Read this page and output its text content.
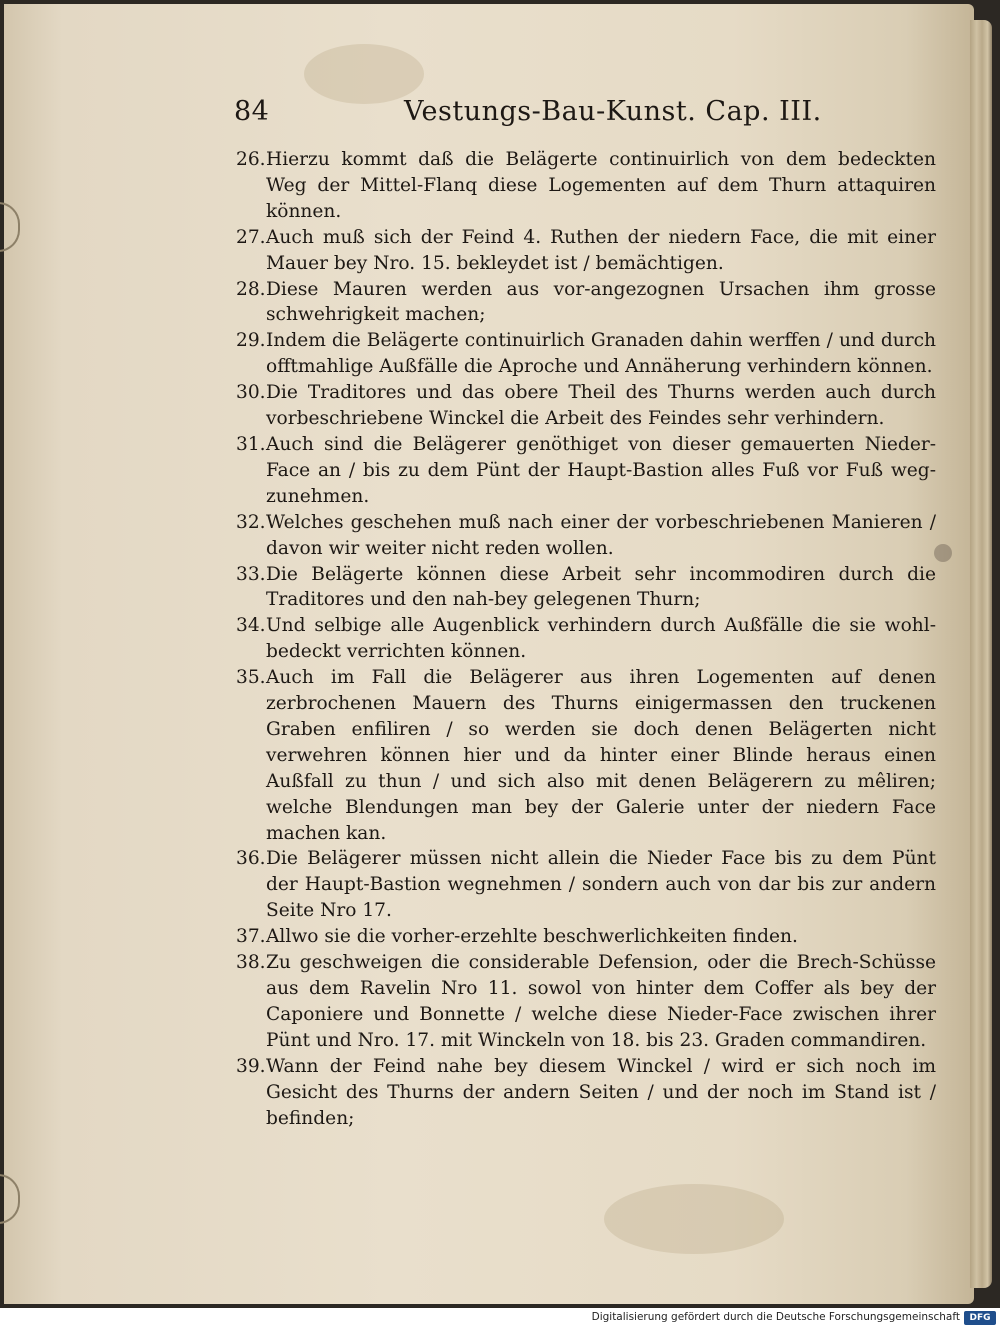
84	Vestungs-Bau-Kunst. Cap. III.
26. Hierzu kommt daß die Belägerte continuirlich von dem bedeckten Weg der Mittel-Flanq diese Logementen auf dem Thurn attaquiren können.
27. Auch muß sich der Feind 4. Ruthen der niedern Face, die mit einer Mauer bey Nro. 15. bekleydet ist / bemächtigen.
28. Diese Mauren werden aus vor-angezognen Ursachen ihm grosse schwehrigkeit machen;
29. Indem die Belägerte continuirlich Granaden dahin werffen / und durch offtmahlige Außfälle die Aproche und Annäherung verhindern können.
30. Die Traditores und das obere Theil des Thurns werden auch durch vorbeschriebene Winckel die Arbeit des Feindes sehr verhindern.
31. Auch sind die Belägerer genöthiget von dieser gemauerten Nieder-Face an / bis zu dem Pünt der Haupt-Bastion alles Fuß vor Fuß weg-zunehmen.
32. Welches geschehen muß nach einer der vorbeschriebenen Manieren / davon wir weiter nicht reden wollen.
33. Die Belägerte können diese Arbeit sehr incommodiren durch die Traditores und den nah-bey gelegenen Thurn;
34. Und selbige alle Augenblick verhindern durch Außfälle die sie wohl-bedeckt verrichten können.
35. Auch im Fall die Belägerer aus ihren Logementen auf denen zerbrochenen Mauern des Thurns einigermassen den truckenen Graben enfiliren / so werden sie doch denen Belägerten nicht verwehren können hier und da hinter einer Blinde heraus einen Außfall zu thun / und sich also mit denen Belägerern zu mêliren; welche Blendungen man bey der Galerie unter der niedern Face machen kan.
36. Die Belägerer müssen nicht allein die Nieder Face bis zu dem Pünt der Haupt-Bastion wegnehmen / sondern auch von dar bis zur andern Seite Nro 17.
37. Allwo sie die vorher-erzehlte beschwerlichkeiten finden.
38. Zu geschweigen die considerable Defension, oder die Brech-Schüsse aus dem Ravelin Nro 11. sowol von hinter dem Coffer als bey der Caponiere und Bonnette / welche diese Nieder-Face zwischen ihrer Pünt und Nro. 17. mit Winckeln von 18. bis 23. Graden commandiren.
39. Wann der Feind nahe bey diesem Winckel / wird er sich noch im Gesicht des Thurns der andern Seiten / und der noch im Stand ist / befinden;
Digitalisierung gefördert durch die Deutsche Forschungsgemeinschaft	DFG
